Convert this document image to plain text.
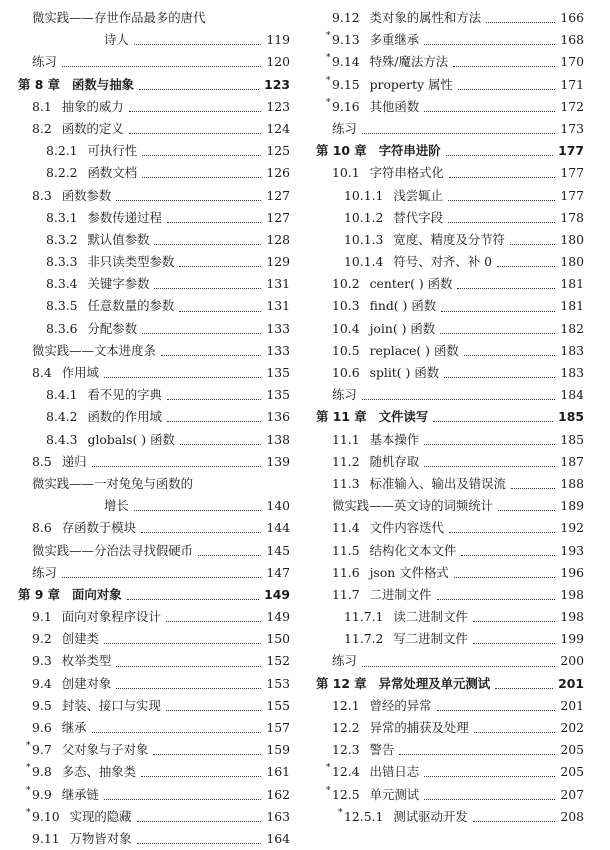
微实践——存世作品最多的唐代
诗人	119
练习	120
第 8 章 函数与抽象	123
8.1 抽象的威力	123
8.2 函数的定义	124
8.2.1 可执行性	125
8.2.2 函数文档	126
8.3 函数参数	127
8.3.1 参数传递过程	127
8.3.2 默认值参数	128
8.3.3 非只读类型参数	129
8.3.4 关键字参数	131
8.3.5 任意数量的参数	131
8.3.6 分配参数	133
微实践——文本进度条	133
8.4 作用域	135
8.4.1 看不见的字典	135
8.4.2 函数的作用域	136
8.4.3 globals( ) 函数	138
8.5 递归	139
微实践——一对兔兔与函数的
增长	140
8.6 存函数于模块	144
微实践——分治法寻找假硬币	145
练习	147
第 9 章 面向对象	149
9.1 面向对象程序设计	149
9.2 创建类	150
9.3 枚举类型	152
9.4 创建对象	153
9.5 封装、接口与实现	155
9.6 继承	157
* 9.7 父对象与子对象	159
* 9.8 多态、抽象类	161
* 9.9 继承链	162
* 9.10 实现的隐藏	163
9.11 万物皆对象	164
9.12 类对象的属性和方法	166
* 9.13 多重继承	168
* 9.14 特殊/魔法方法	170
* 9.15 property 属性	171
* 9.16 其他函数	172
练习	173
第 10 章 字符串进阶	177
10.1 字符串格式化	177
10.1.1 浅尝辄止	177
10.1.2 替代字段	178
10.1.3 宽度、精度及分节符	180
10.1.4 符号、对齐、补 0	180
10.2 center( ) 函数	181
10.3 find( ) 函数	181
10.4 join( ) 函数	182
10.5 replace( ) 函数	183
10.6 split( ) 函数	183
练习	184
第 11 章 文件读写	185
11.1 基本操作	185
11.2 随机存取	187
11.3 标准输入、输出及错误流	188
微实践——英文诗的词频统计	189
11.4 文件内容迭代	192
11.5 结构化文本文件	193
11.6 json 文件格式	196
11.7 二进制文件	198
11.7.1 读二进制文件	198
11.7.2 写二进制文件	199
练习	200
第 12 章 异常处理及单元测试	201
12.1 曾经的异常	201
12.2 异常的捕获及处理	202
12.3 警告	205
* 12.4 出错日志	205
* 12.5 单元测试	207
* 12.5.1 测试驱动开发	208
